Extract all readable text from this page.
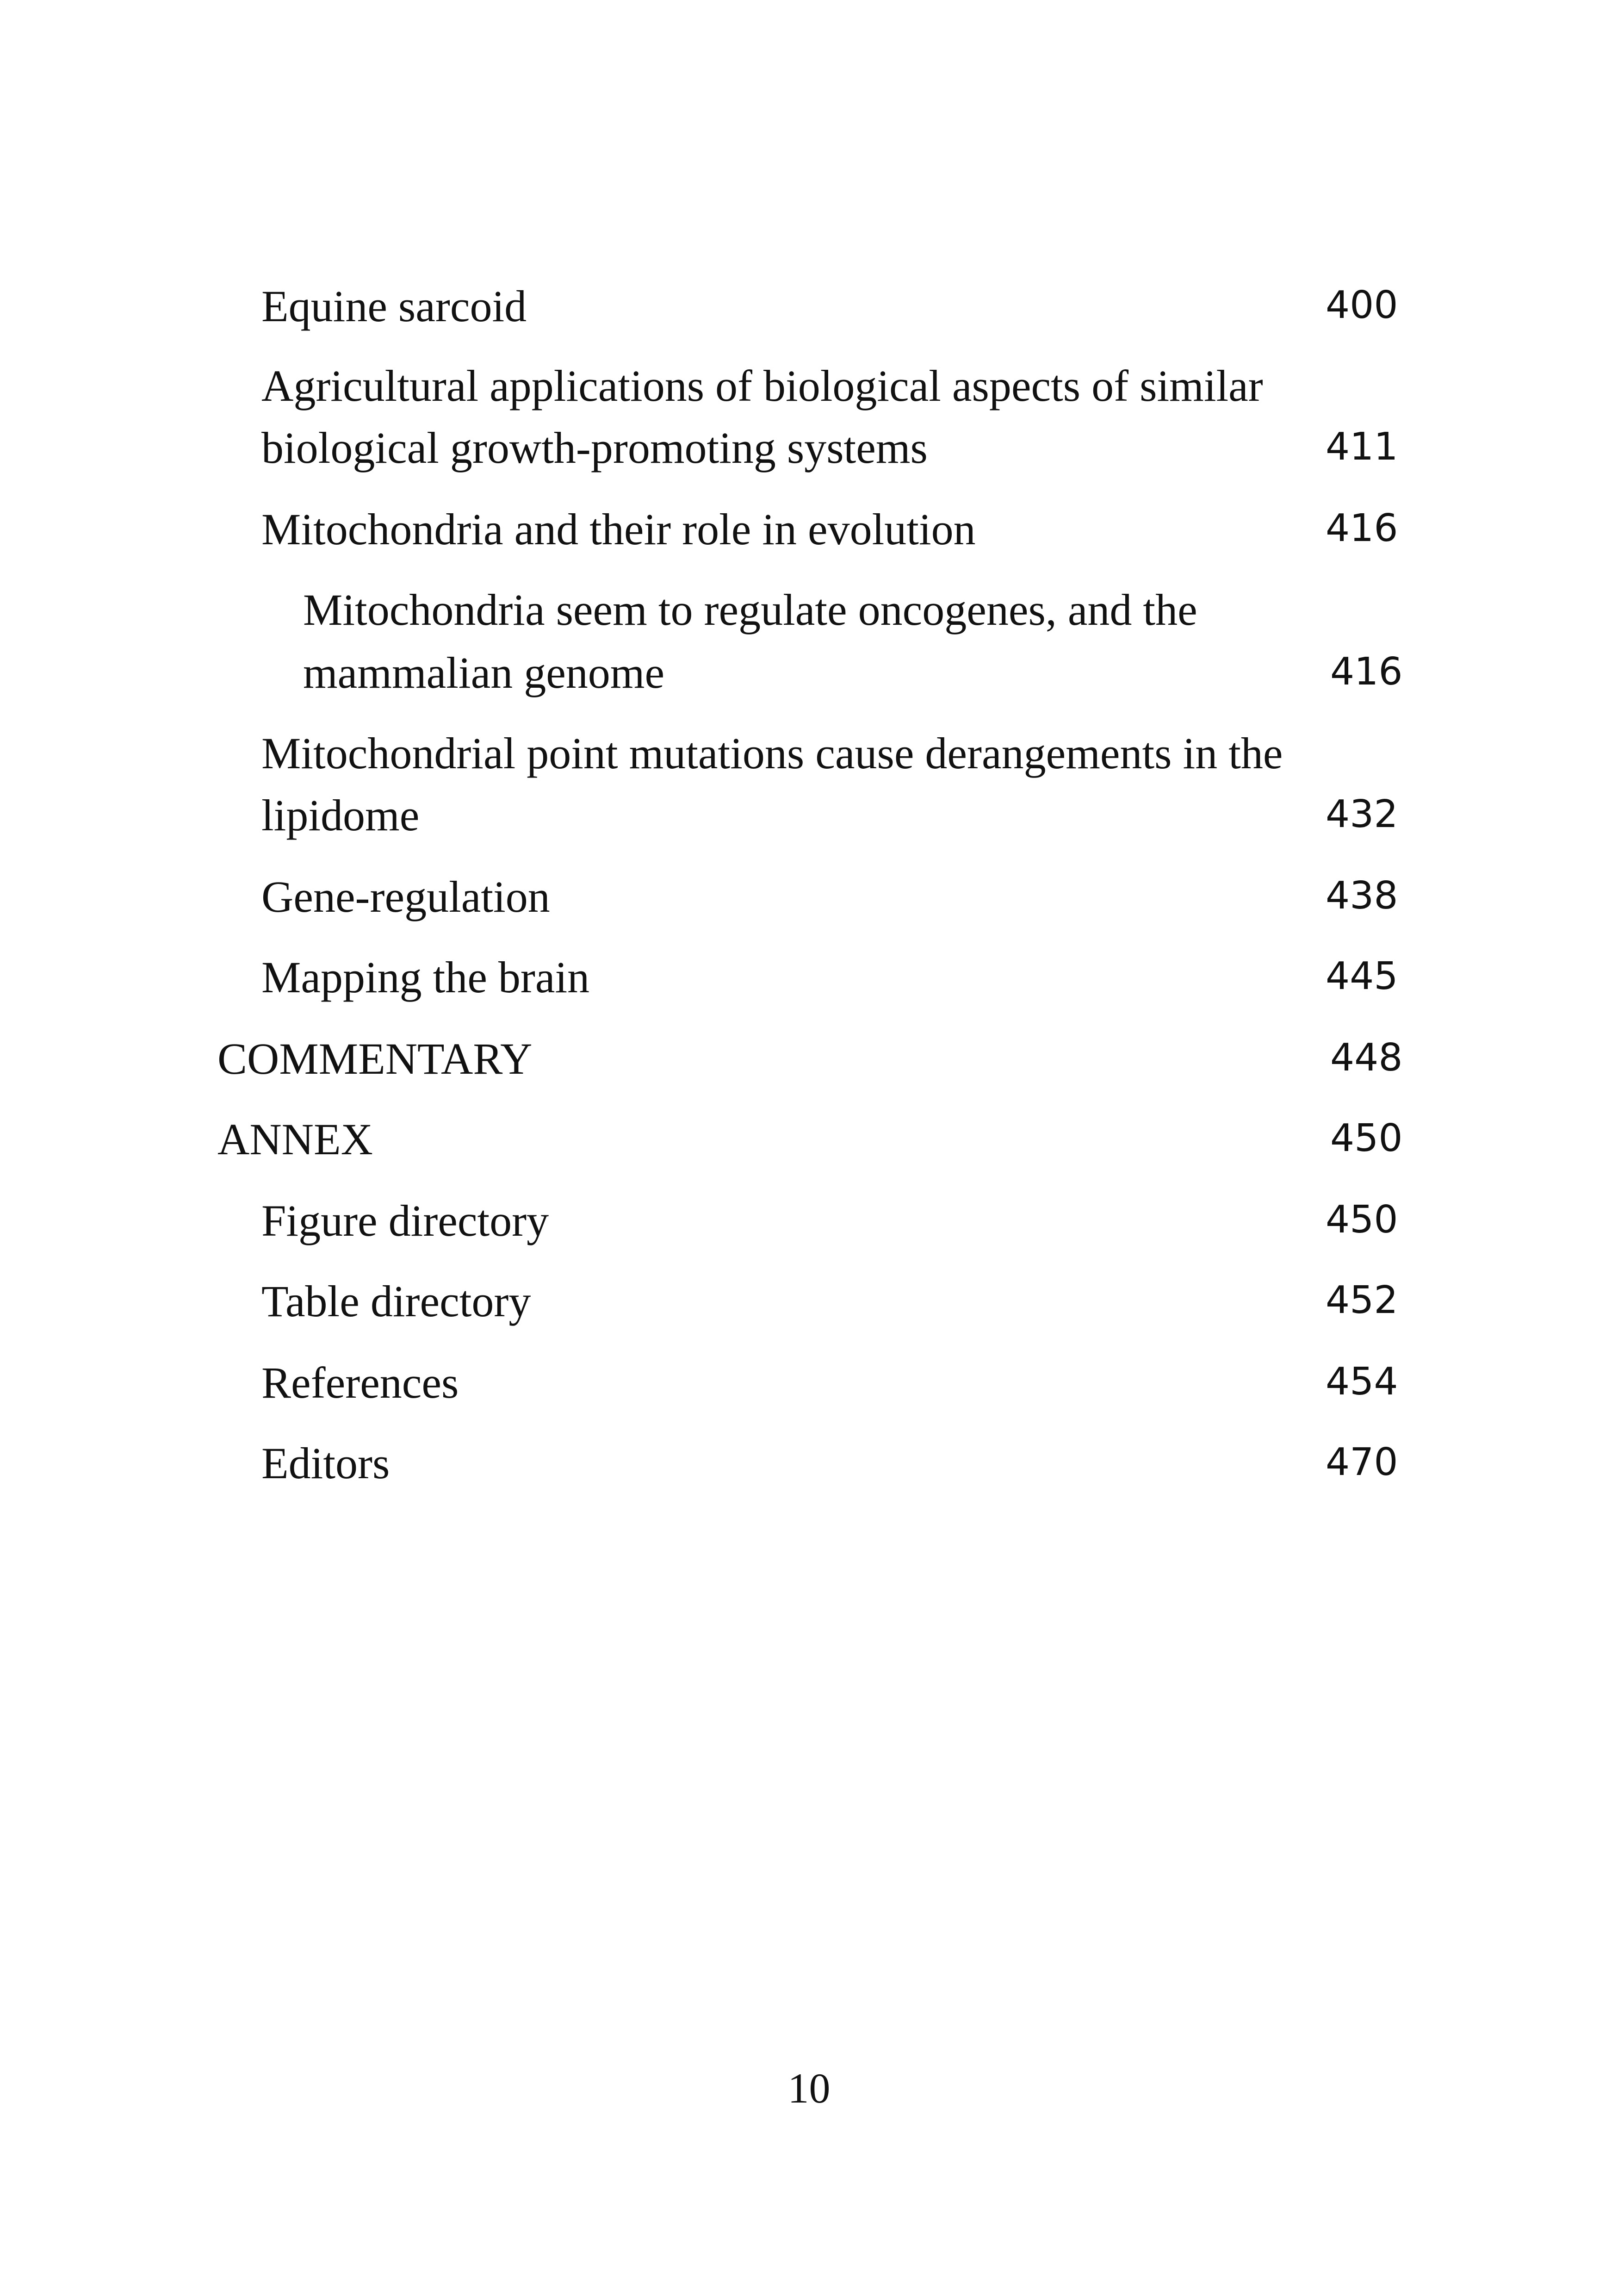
Equine sarcoid	400
Agricultural applications of biological aspects of similar
biological growth-promoting systems	411
Mitochondria and their role in evolution	416
Mitochondria seem to regulate oncogenes, and the
mammalian genome	416
Mitochondrial point mutations cause derangements in the
lipidome	432
Gene-regulation	438
Mapping the brain	445
COMMENTARY	448
ANNEX	450
Figure directory	450
Table directory	452
References	454
Editors	470
10
